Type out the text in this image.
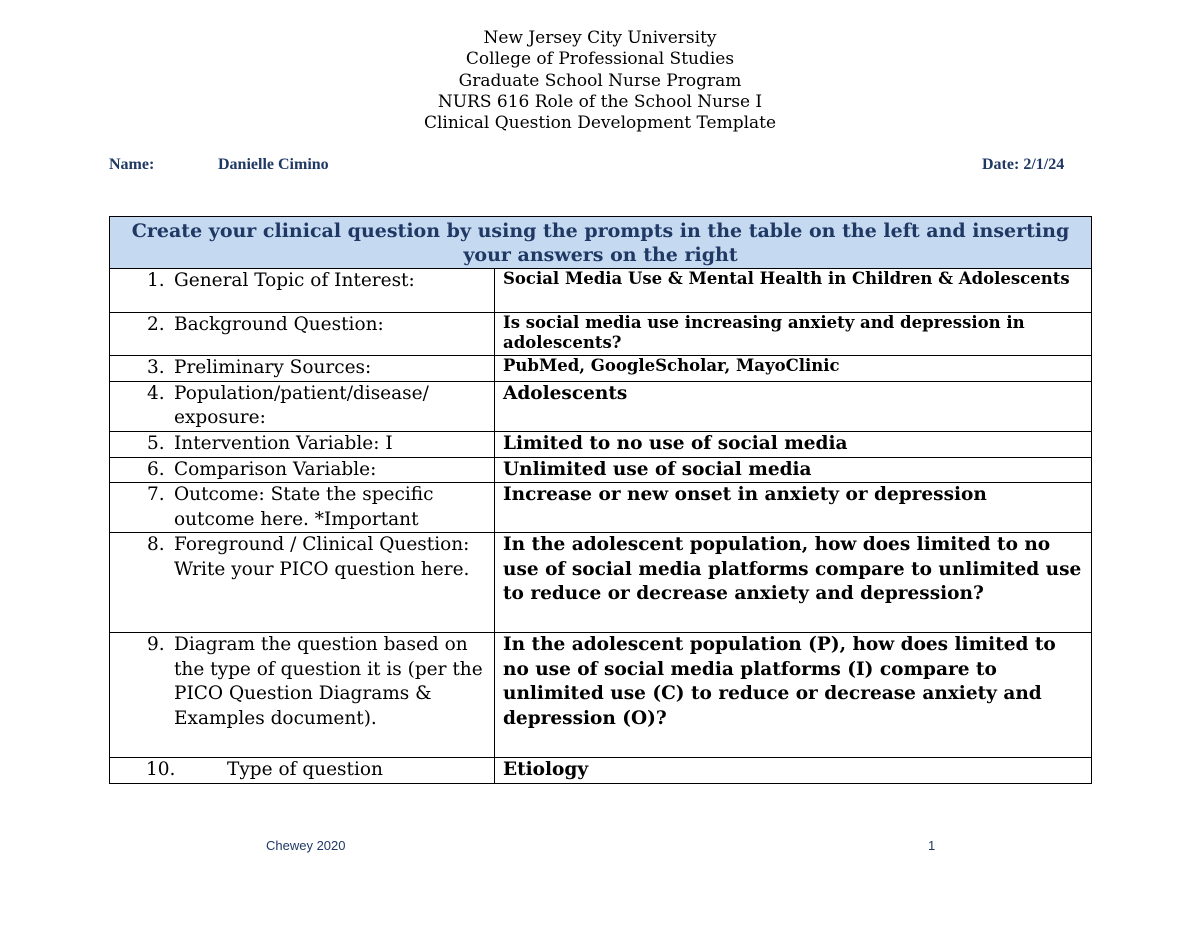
New Jersey City University
College of Professional Studies
Graduate School Nurse Program
NURS 616 Role of the School Nurse I
Clinical Question Development Template
Name:	Danielle Cimino	Date: 2/1/24
Create your clinical question by using the prompts in the table on the left and inserting your answers on the right	
1. General Topic of Interest:	Social Media Use & Mental Health in Children & Adolescents
2. Background Question:	Is social media use increasing anxiety and depression in adolescents?
3. Preliminary Sources:	PubMed, GoogleScholar, MayoClinic
4. Population/patient/disease/ exposure:	Adolescents
5. Intervention Variable: I	Limited to no use of social media
6. Comparison Variable:	Unlimited use of social media
7. Outcome: State the specific outcome here. *Important	Increase or new onset in anxiety or depression
8. Foreground / Clinical Question: Write your PICO question here.	In the adolescent population, how does limited to no use of social media platforms compare to unlimited use to reduce or decrease anxiety and depression?
9. Diagram the question based on the type of question it is (per the PICO Question Diagrams & Examples document).	In the adolescent population (P), how does limited to no use of social media platforms (I) compare to unlimited use (C) to reduce or decrease anxiety and depression (O)?
10. Type of question	Etiology
Chewey 2020	1
